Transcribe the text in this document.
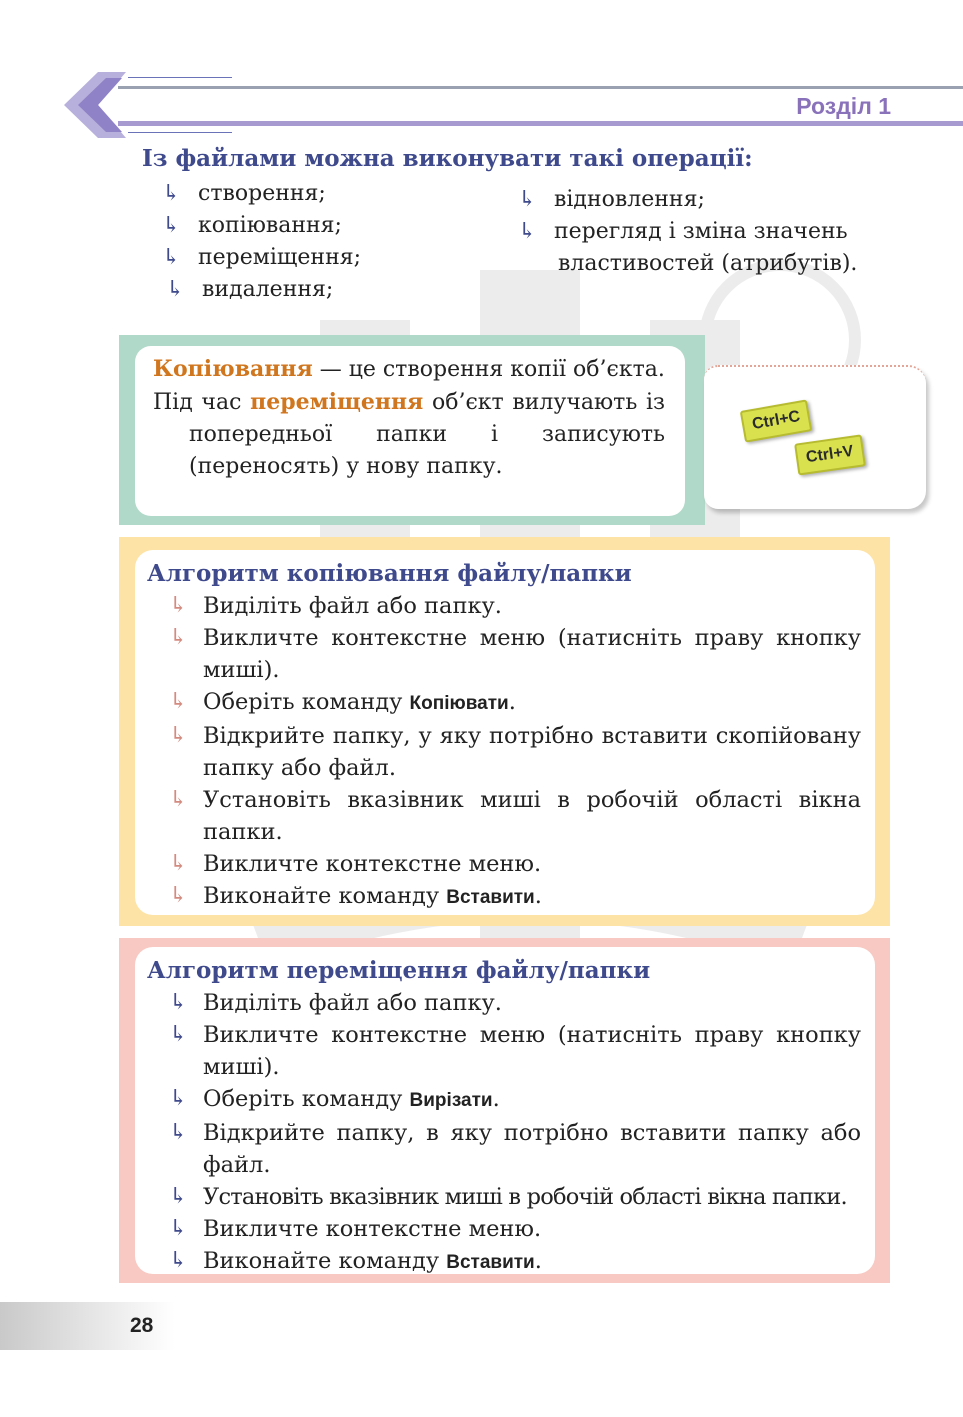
Розділ 1
Із файлами можна виконувати такі операції:
↳ створення;
↳ копіювання;
↳ переміщення;
↳ видалення;
↳ відновлення;
↳ перегляд і зміна значень
властивостей (атрибутів).

Копіювання — це створення копії об’єкта.

Під час переміщення об’єкт вилучають із попередньої папки і записують (переносять) у нову папку.

Ctrl+C
Ctrl+V
Алгоритм копіювання файлу/папки
↳ Виділіть файл або папку.
↳ Викличте контекстне меню (натисніть праву кнопку миші).
↳ Оберіть команду Копіювати.
↳ Відкрийте папку, у яку потрібно вставити скопійовану папку або файл.
↳ Установіть вказівник миші в робочій області вікна папки.
↳ Викличте контекстне меню.
↳ Виконайте команду Вставити.
Алгоритм переміщення файлу/папки
↳ Виділіть файл або папку.
↳ Викличте контекстне меню (натисніть праву кнопку миші).
↳ Оберіть команду Вирізати.
↳ Відкрийте папку, в яку потрібно вставити папку або файл.
↳ Установіть вказівник миші в робочій області вікна папки.
↳ Викличте контекстне меню.
↳ Виконайте команду Вставити.
28
